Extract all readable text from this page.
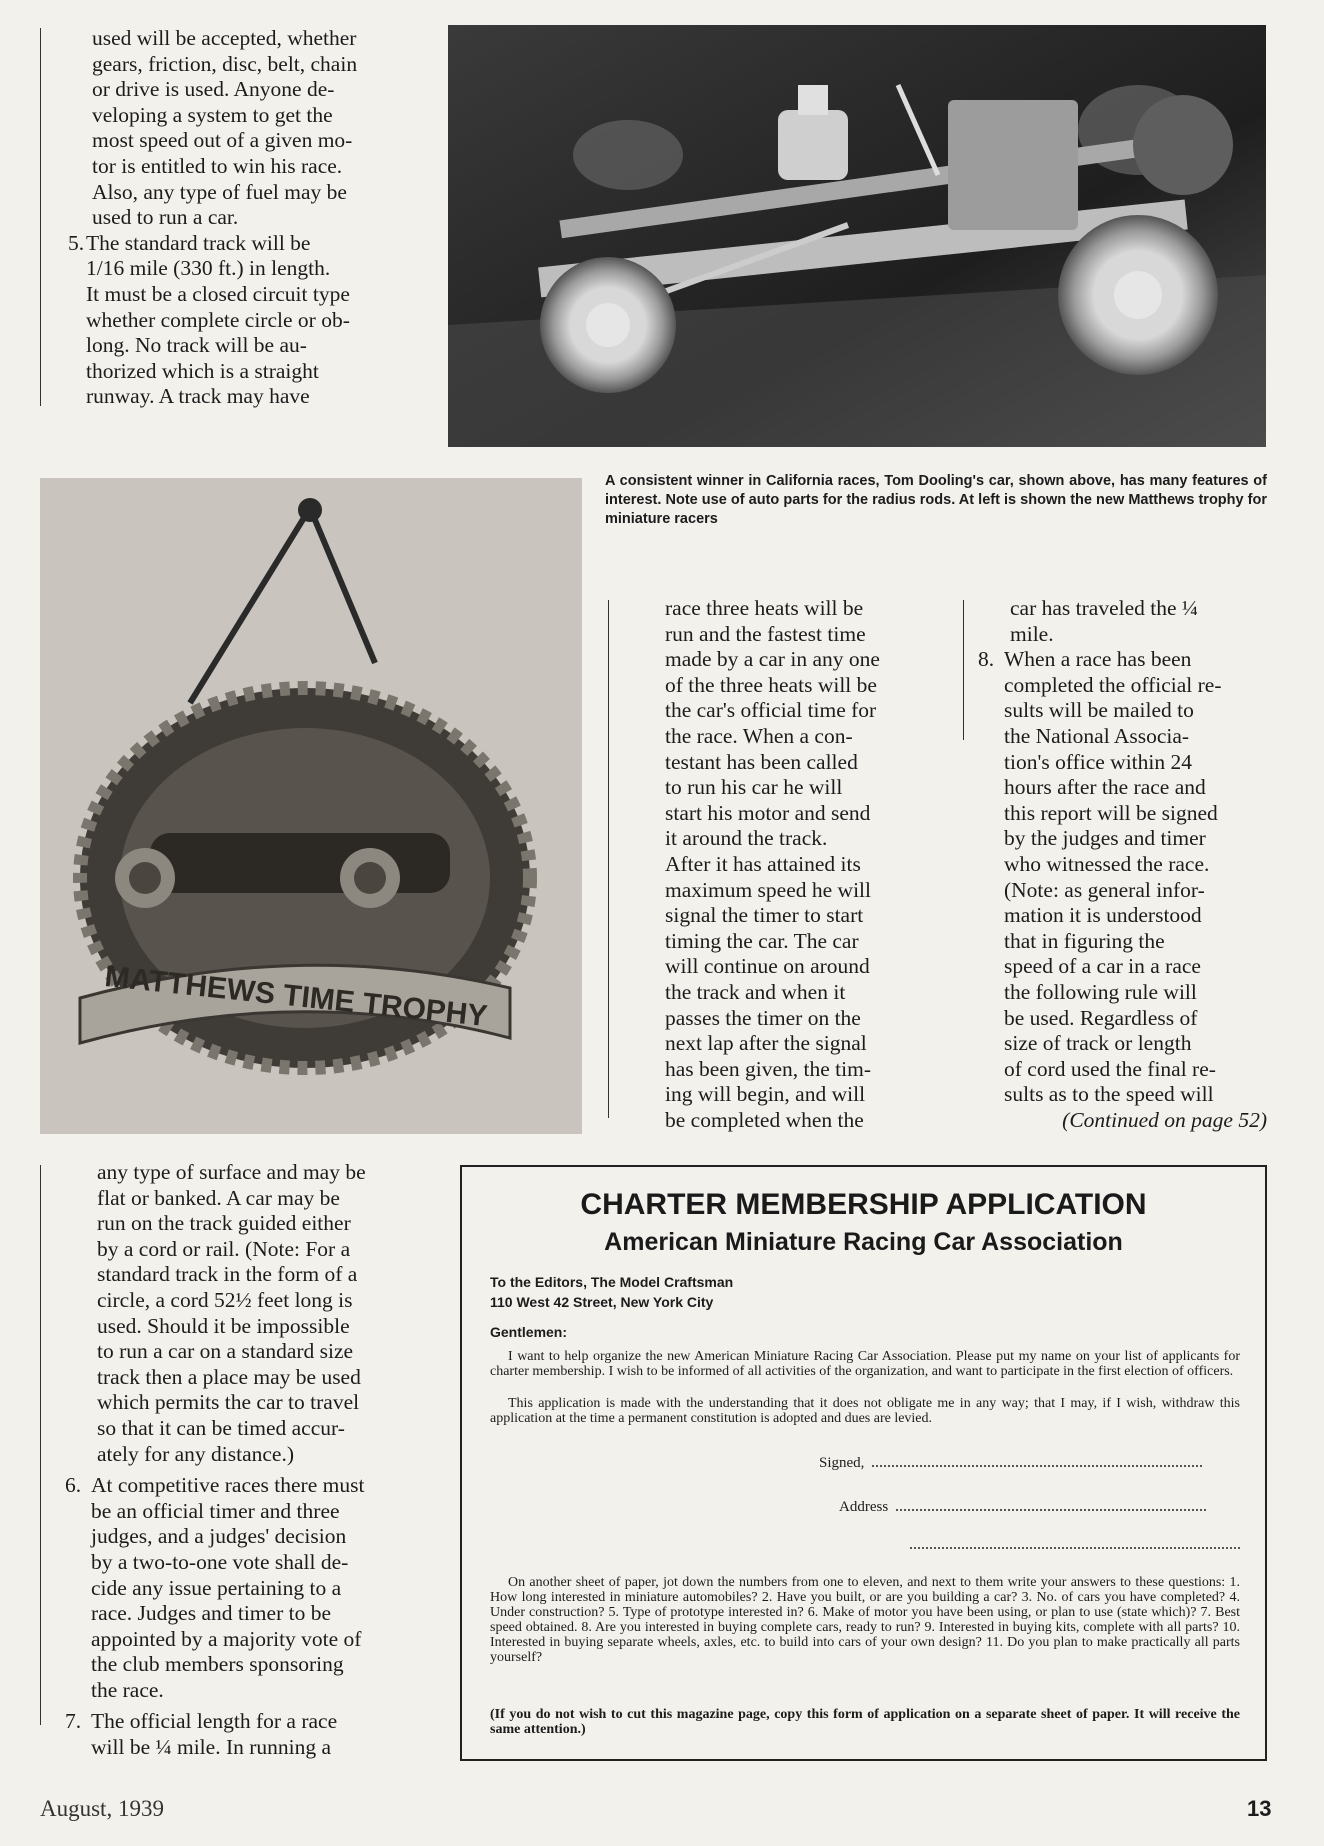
used will be accepted, whether
gears, friction, disc, belt, chain
or drive is used. Anyone de-
veloping a system to get the
most speed out of a given mo-
tor is entitled to win his race.
Also, any type of fuel may be
used to run a car.
5. The standard track will be
1/16 mile (330 ft.) in length.
It must be a closed circuit type
whether complete circle or ob-
long. No track will be au-
thorized which is a straight
runway. A track may have
A consistent winner in California races, Tom Dooling's car, shown above, has many features of interest. Note use of auto parts for the radius rods. At left is shown the new Matthews trophy for miniature racers
MATTHEWS TIME TROPHY
race three heats will be
run and the fastest time
made by a car in any one
of the three heats will be
the car's official time for
the race. When a con-
testant has been called
to run his car he will
start his motor and send
it around the track.
After it has attained its
maximum speed he will
signal the timer to start
timing the car. The car
will continue on around
the track and when it
passes the timer on the
next lap after the signal
has been given, the tim-
ing will begin, and will
be completed when the
car has traveled the ¼
mile.
8. When a race has been
completed the official re-
sults will be mailed to
the National Associa-
tion's office within 24
hours after the race and
this report will be signed
by the judges and timer
who witnessed the race.
(Note: as general infor-
mation it is understood
that in figuring the
speed of a car in a race
the following rule will
be used. Regardless of
size of track or length
of cord used the final re-
sults as to the speed will
(Continued on page 52)
any type of surface and may be
flat or banked. A car may be
run on the track guided either
by a cord or rail. (Note: For a
standard track in the form of a
circle, a cord 52½ feet long is
used. Should it be impossible
to run a car on a standard size
track then a place may be used
which permits the car to travel
so that it can be timed accur-
ately for any distance.)
6. At competitive races there must
be an official timer and three
judges, and a judges' decision
by a two-to-one vote shall de-
cide any issue pertaining to a
race. Judges and timer to be
appointed by a majority vote of
the club members sponsoring
the race.
7. The official length for a race
will be ¼ mile. In running a
CHARTER MEMBERSHIP APPLICATION
American Miniature Racing Car Association
To the Editors, The Model Craftsman
110 West 42 Street, New York City
Gentlemen:
I want to help organize the new American Miniature Racing Car Association. Please put my name on your list of applicants for charter membership. I wish to be informed of all activities of the organization, and want to participate in the first election of officers.
This application is made with the understanding that it does not obligate me in any way; that I may, if I wish, withdraw this application at the time a permanent constitution is adopted and dues are levied.
Signed,
Address
On another sheet of paper, jot down the numbers from one to eleven, and next to them write your answers to these questions: 1. How long interested in miniature automobiles? 2. Have you built, or are you building a car? 3. No. of cars you have completed? 4. Under construction? 5. Type of prototype interested in? 6. Make of motor you have been using, or plan to use (state which)? 7. Best speed obtained. 8. Are you interested in buying complete cars, ready to run? 9. Interested in buying kits, complete with all parts? 10. Interested in buying separate wheels, axles, etc. to build into cars of your own design? 11. Do you plan to make practically all parts yourself?
(If you do not wish to cut this magazine page, copy this form of application on a separate sheet of paper. It will receive the same attention.)
August, 1939	13
